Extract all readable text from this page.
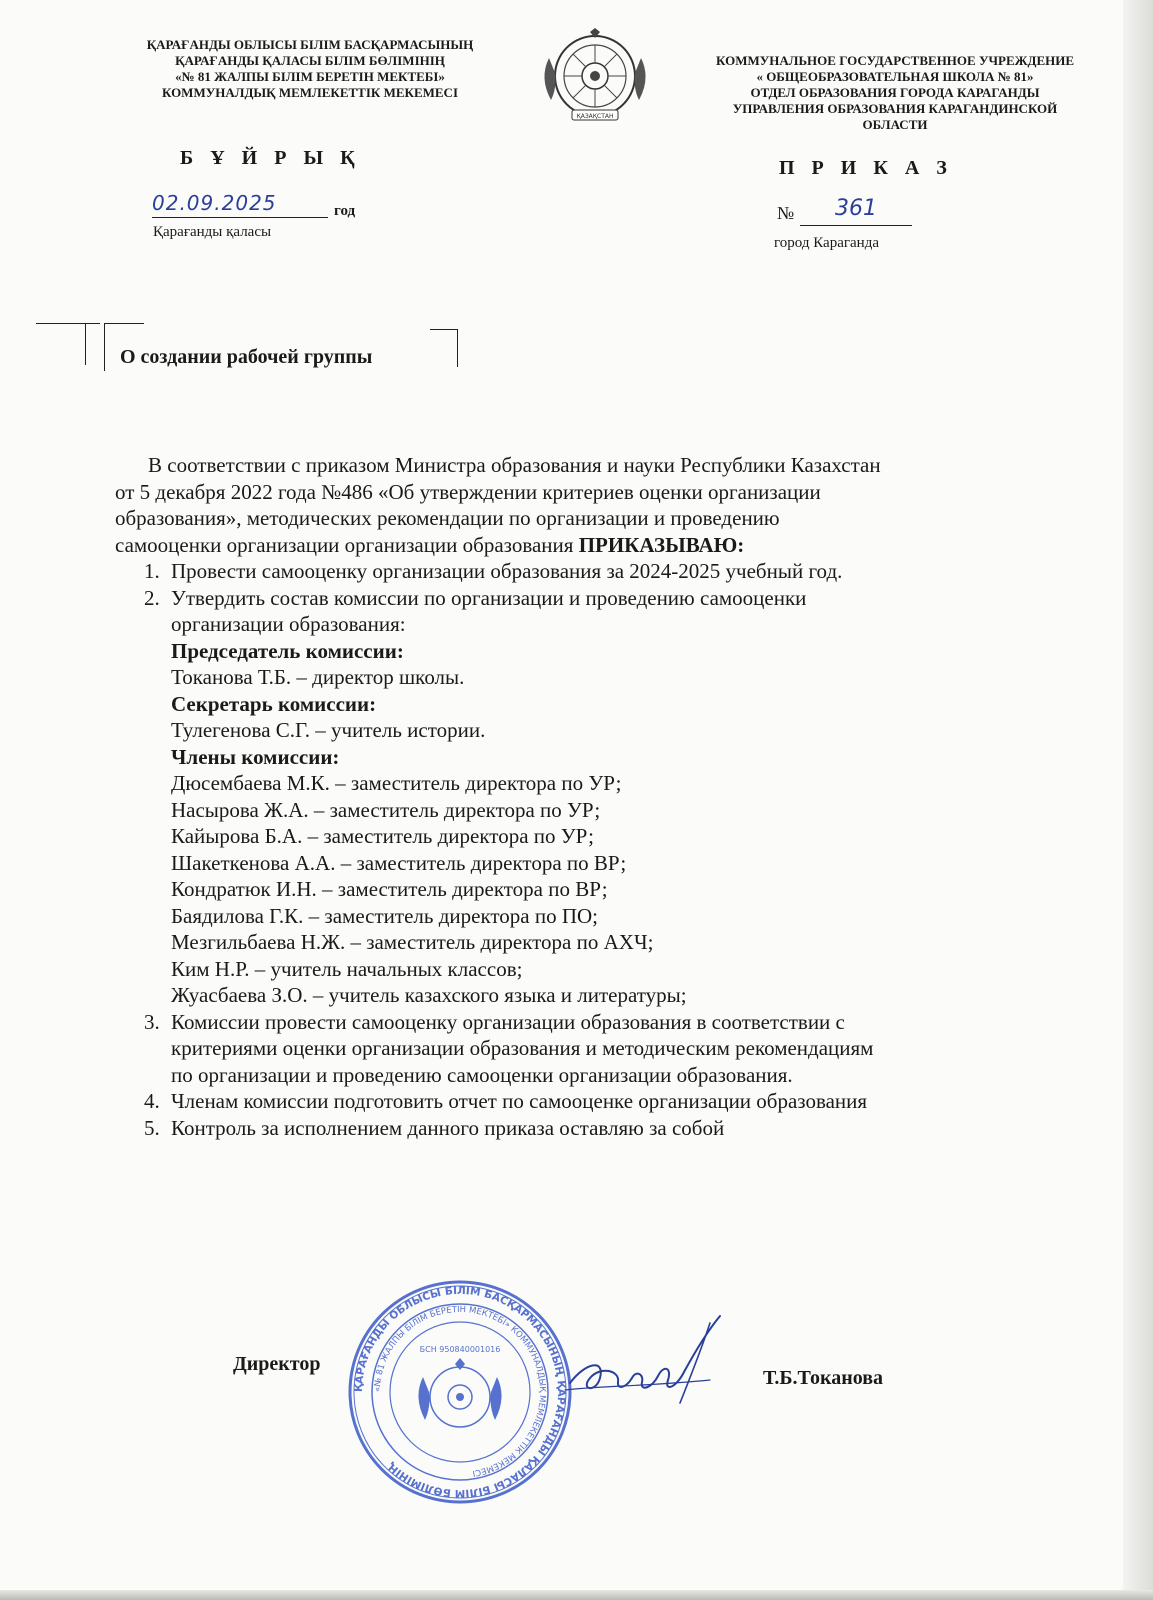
ҚАРАҒАНДЫ ОБЛЫСЫ БІЛІМ БАСҚАРМАСЫНЫҢ
ҚАРАҒАНДЫ ҚАЛАСЫ БІЛІМ БӨЛІМІНІҢ
«№ 81 ЖАЛПЫ БІЛІМ БЕРЕТІН МЕКТЕБІ»
КОММУНАЛДЫҚ МЕМЛЕКЕТТІК МЕКЕМЕСІ
ҚАЗАҚСТАН
КОММУНАЛЬНОЕ ГОСУДАРСТВЕННОЕ УЧРЕЖДЕНИЕ
« ОБЩЕОБРАЗОВАТЕЛЬНАЯ ШКОЛА № 81»
ОТДЕЛ ОБРАЗОВАНИЯ ГОРОДА КАРАГАНДЫ
УПРАВЛЕНИЯ ОБРАЗОВАНИЯ КАРАГАНДИНСКОЙ
ОБЛАСТИ
Б Ұ Й Р Ы Қ	П Р И К А З
02.09.2025	год
Қарағанды қаласы
№	361
город Караганда
О создании рабочей группы

В соответствии с приказом Министра образования и науки Республики Казахстан
от 5 декабря 2022 года №486 «Об утверждении критериев оценки организации
образования», методических рекомендации по организации и проведению
самооценки организации организации образования ПРИКАЗЫВАЮ:

1. Провести самооценку организации образования за 2024-2025 учебный год.
2. Утвердить состав комиссии по организации и проведению самооценки
организации образования:
Председатель комиссии:
Токанова Т.Б. – директор школы.
Секретарь комиссии:
Тулегенова С.Г. – учитель истории.
Члены комиссии:
Дюсембаева М.К. – заместитель директора по УР;
Насырова Ж.А. – заместитель директора по УР;
Кайырова Б.А. – заместитель директора по УР;
Шакеткенова А.А. – заместитель директора по ВР;
Кондратюк И.Н. – заместитель директора по ВР;
Баядилова Г.К. – заместитель директора по ПО;
Мезгильбаева Н.Ж. – заместитель директора по АХЧ;
Ким Н.Р. – учитель начальных классов;
Жуасбаева З.О. – учитель казахского языка и литературы;
3. Комиссии провести самооценку организации образования в соответствии с
критериями оценки организации образования и методическим рекомендациям
по организации и проведению самооценки организации образования.
4. Членам комиссии подготовить отчет по самооценке организации образования
5. Контроль за исполнением данного приказа оставляю за собой
Директор
ҚАРАҒАНДЫ ОБЛЫСЫ БІЛІМ БАСҚАРМАСЫНЫҢ ҚАРАҒАНДЫ ҚАЛАСЫ БІЛІМ БӨЛІМІНІҢ
«№ 81 ЖАЛПЫ БІЛІМ БЕРЕТІН МЕКТЕБІ» КОММУНАЛДЫҚ МЕМЛЕКЕТТІК МЕКЕМЕСІ
БСН 950840001016
Т.Б.Токанова
